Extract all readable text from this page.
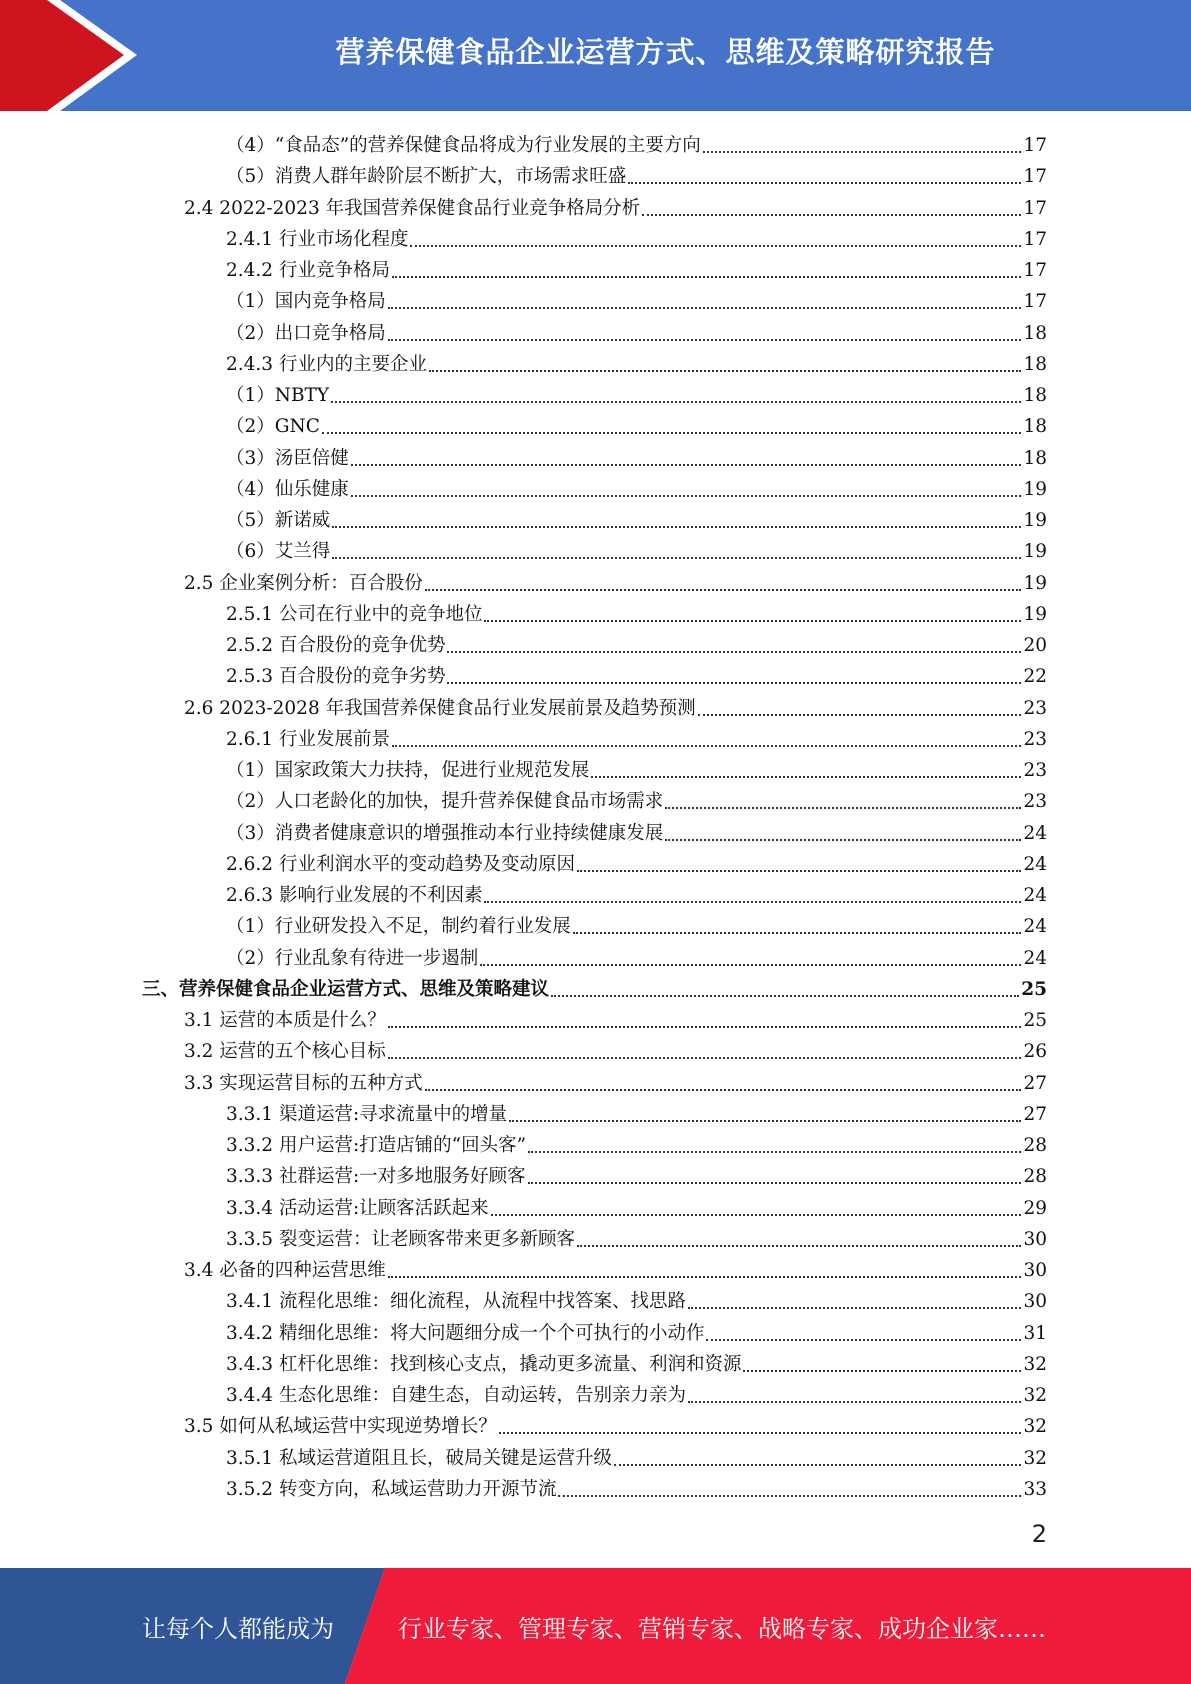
营养保健食品企业运营方式、思维及策略研究报告
（4）“食品态”的营养保健食品将成为行业发展的主要方向	17
（5）消费人群年龄阶层不断扩大，市场需求旺盛	17
2.4 2022-2023 年我国营养保健食品行业竞争格局分析	17
2.4.1 行业市场化程度	17
2.4.2 行业竞争格局	17
（1）国内竞争格局	17
（2）出口竞争格局	18
2.4.3 行业内的主要企业	18
（1）NBTY	18
（2）GNC	18
（3）汤臣倍健	18
（4）仙乐健康	19
（5）新诺威	19
（6）艾兰得	19
2.5 企业案例分析：百合股份	19
2.5.1 公司在行业中的竞争地位	19
2.5.2 百合股份的竞争优势	20
2.5.3 百合股份的竞争劣势	22
2.6 2023-2028 年我国营养保健食品行业发展前景及趋势预测	23
2.6.1 行业发展前景	23
（1）国家政策大力扶持，促进行业规范发展	23
（2）人口老龄化的加快，提升营养保健食品市场需求	23
（3）消费者健康意识的增强推动本行业持续健康发展	24
2.6.2 行业利润水平的变动趋势及变动原因	24
2.6.3 影响行业发展的不利因素	24
（1）行业研发投入不足，制约着行业发展	24
（2）行业乱象有待进一步遏制	24
三、营养保健食品企业运营方式、思维及策略建议	25
3.1 运营的本质是什么？	25
3.2 运营的五个核心目标	26
3.3 实现运营目标的五种方式	27
3.3.1 渠道运营:寻求流量中的增量	27
3.3.2 用户运营:打造店铺的“回头客”	28
3.3.3 社群运营:一对多地服务好顾客	28
3.3.4 活动运营:让顾客活跃起来	29
3.3.5 裂变运营：让老顾客带来更多新顾客	30
3.4 必备的四种运营思维	30
3.4.1 流程化思维：细化流程，从流程中找答案、找思路	30
3.4.2 精细化思维：将大问题细分成一个个可执行的小动作	31
3.4.3 杠杆化思维：找到核心支点，撬动更多流量、利润和资源	32
3.4.4 生态化思维：自建生态，自动运转，告别亲力亲为	32
3.5 如何从私域运营中实现逆势增长？	32
3.5.1 私域运营道阻且长，破局关键是运营升级	32
3.5.2 转变方向，私域运营助力开源节流	33
2
让每个人都能成为	行业专家、管理专家、营销专家、战略专家、成功企业家……
